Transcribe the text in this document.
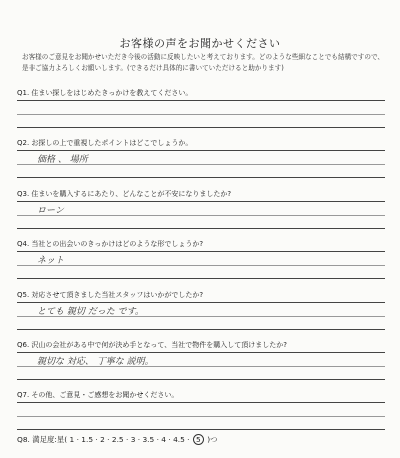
お客様の声をお聞かせください
お客様のご意見をお聞かせいただき今後の活動に反映したいと考えております。どのような些細なことでも結構ですので、是非ご協力よろしくお願いします。(できるだけ具体的に書いていただけると助かります)
Q1. 住まい探しをはじめたきっかけを教えてください。
Q2. お探しの上で重視したポイントはどこでしょうか。
価格 、 場所
Q3. 住まいを購入するにあたり、どんなことが不安になりましたか?
ローン
Q4. 当社との出会いのきっかけはどのような形でしょうか?
ネット
Q5. 対応させて頂きました当社スタッフはいかがでしたか?
とても 親切 だった です。
Q6. 沢山の会社がある中で何が決め手となって、当社で物件を購入して頂けましたか?
親切な 対応、 丁寧な 説明。
Q7. その他、ご意見・ご感想をお聞かせください。
Q8. 満足度:星( 1 · 1.5 · 2 · 2.5 · 3 · 3.5 · 4 · 4.5 · 5 )つ
